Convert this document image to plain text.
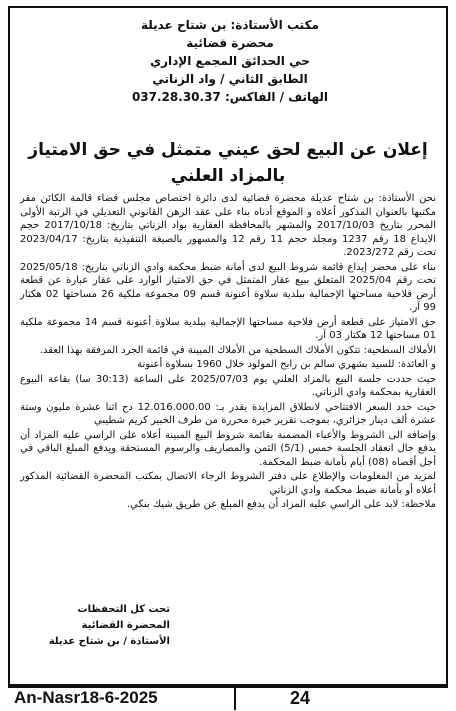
مكتب الأستاذة: بن شتاح عديلة
محضرة قضائية
حي الحدائق المجمع الإداري
الطابق الثاني / واد الزناتي
الهاتف / الفاكس: 037.28.30.37
إعلان عن البيع لحق عيني متمثل في حق الامتياز بالمزاد العلني
نحن الأستاذة: بن شتاح عديلة محضرة قضائية لدى دائرة اختصاص مجلس قضاء قالمة الكائن مقر مكتبها بالعنوان المذكور أعلاه و الموقع أدناه بناء على عقد الرهن القانوني التعديلي في الرتبة الأولى المحرر بتاريخ 2017/10/03 والمشهر بالمحافظة العقارية بواد الزناتي بتاريخ: 2017/10/18 حجم الايداع 18 رقم 1237 ومجلد حجم 11 رقم 12 والمسهور بالصيغة التنفيذية بتاريخ: 2023/04/17 تحت رقم 2023/272.
بناء على محضر إيداع قائمة شروط البيع لدى أمانة ضبط محكمة وادي الزناتي بتاريخ: 2025/05/18 تحت رقم 2025/04 المتعلق ببيع عقار المتمثل في حق الامتياز الوارد على عقار عبارة عن قطعة أرض فلاحية مساحتها الإجمالية ببلدية سلاوة أعنونة قسم 09 مجموعة ملكية 26 مساحتها 02 هكتار 99 آر.
حق الامتياز على قطعة أرض فلاحية مساحتها الإجمالية ببلدية سلاوة أعنونة قسم 14 مجموعة ملكية 01 مساحتها 12 هكتار 03 آر.
الأملاك السطحية: تتكون الأملاك السطحية من الأملاك المبينة في قائمة الجرد المرفقة بهذا العقد.
و العائدة: للسيد بشهري سالم بن رابح المولود خلال 1960 بسلاوة أعنونة
حيث حددت جلسة البيع بالمزاد العلني يوم 2025/07/03 على الساعة (30:13 سا) بقاعة البيوع العقارية بمحكمة وادي الزناتي.
حيث حدد السعر الافتتاحي لانطلاق المزايدة يقدر بـ: 12.016.000.00 دج اثنا عشرة مليون وستة عشرة ألف دينار جزائري، بموجب تقرير خبرة محررة من طرف الخبير كريم شطيبي
وإضافة الى الشروط والأعباء المضمنة بقائمة شروط البيع المبينة أعلاه على الراسي عليه المزاد أن يدفع حال انعقاد الجلسة خمس (5/1) الثمن والمصاريف والرسوم المستحقة ويدفع المبلغ الباقي في أجل أقصاه (08) أيام بأمانة ضبط المحكمة.
لمزيد من المعلومات والإطلاع على دفتر الشروط الرجاء الاتصال بمكتب المحضرة القضائية المذكور أعلاه أو بأمانة ضبط محكمة وادي الزناتي
ملاحظة: لابد على الراسي عليه المزاد أن يدفع المبلغ عن طريق شيك بنكي.
تحت كل التحفظات
المحضرة القضائية
الأستاذة / بن شتاح عديلة
An-Nasr18-6-2025	24
